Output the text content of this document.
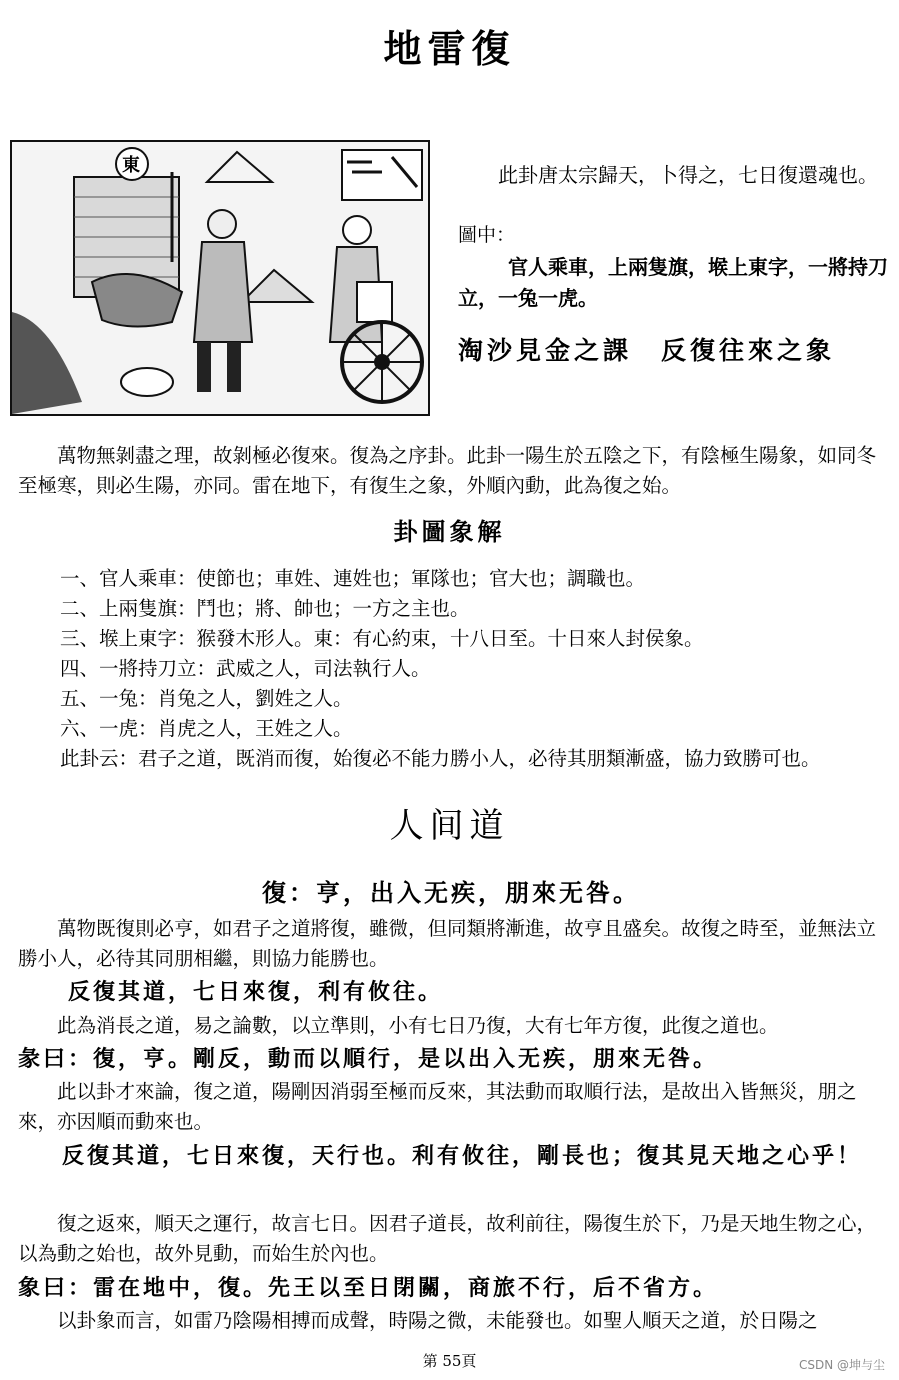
地雷復
東	此卦唐太宗歸天，卜得之，七日復還魂也。
圖中：
官人乘車，上兩隻旗，堠上東字，一將持刀立，一兔一虎。
淘沙見金之課　反復往來之象
萬物無剝盡之理，故剝極必復來。復為之序卦。此卦一陽生於五陰之下，有陰極生陽象，如同冬至極寒，則必生陽，亦同。雷在地下，有復生之象，外順內動，此為復之始。
卦圖象解
一、官人乘車：使節也；車姓、連姓也；軍隊也；官大也；調職也。
二、上兩隻旗：鬥也；將、帥也；一方之主也。
三、堠上東字：猴發木形人。東：有心約束，十八日至。十日來人封侯象。
四、一將持刀立：武威之人，司法執行人。
五、一兔：肖兔之人，劉姓之人。
六、一虎：肖虎之人，王姓之人。
此卦云：君子之道，既消而復，始復必不能力勝小人，必待其朋類漸盛，協力致勝可也。
人间道
復：亨，出入无疾，朋來无咎。
萬物既復則必亨，如君子之道將復，雖微，但同類將漸進，故亨且盛矣。故復之時至，並無法立勝小人，必待其同朋相繼，則協力能勝也。
反復其道，七日來復，利有攸往。
此為消長之道，易之論數，以立準則，小有七日乃復，大有七年方復，此復之道也。
彖曰：復，亨。剛反，動而以順行，是以出入无疾，朋來无咎。
此以卦才來論，復之道，陽剛因消弱至極而反來，其法動而取順行法，是故出入皆無災，朋之來，亦因順而動來也。
反復其道，七日來復，天行也。利有攸往，剛長也；復其見天地之心乎！
復之返來，順天之運行，故言七日。因君子道長，故利前往，陽復生於下，乃是天地生物之心，以為動之始也，故外見動，而始生於內也。
象曰：雷在地中，復。先王以至日閉關，商旅不行，后不省方。
以卦象而言，如雷乃陰陽相搏而成聲，時陽之微，未能發也。如聖人順天之道，於日陽之
第 55頁	CSDN @坤与尘
